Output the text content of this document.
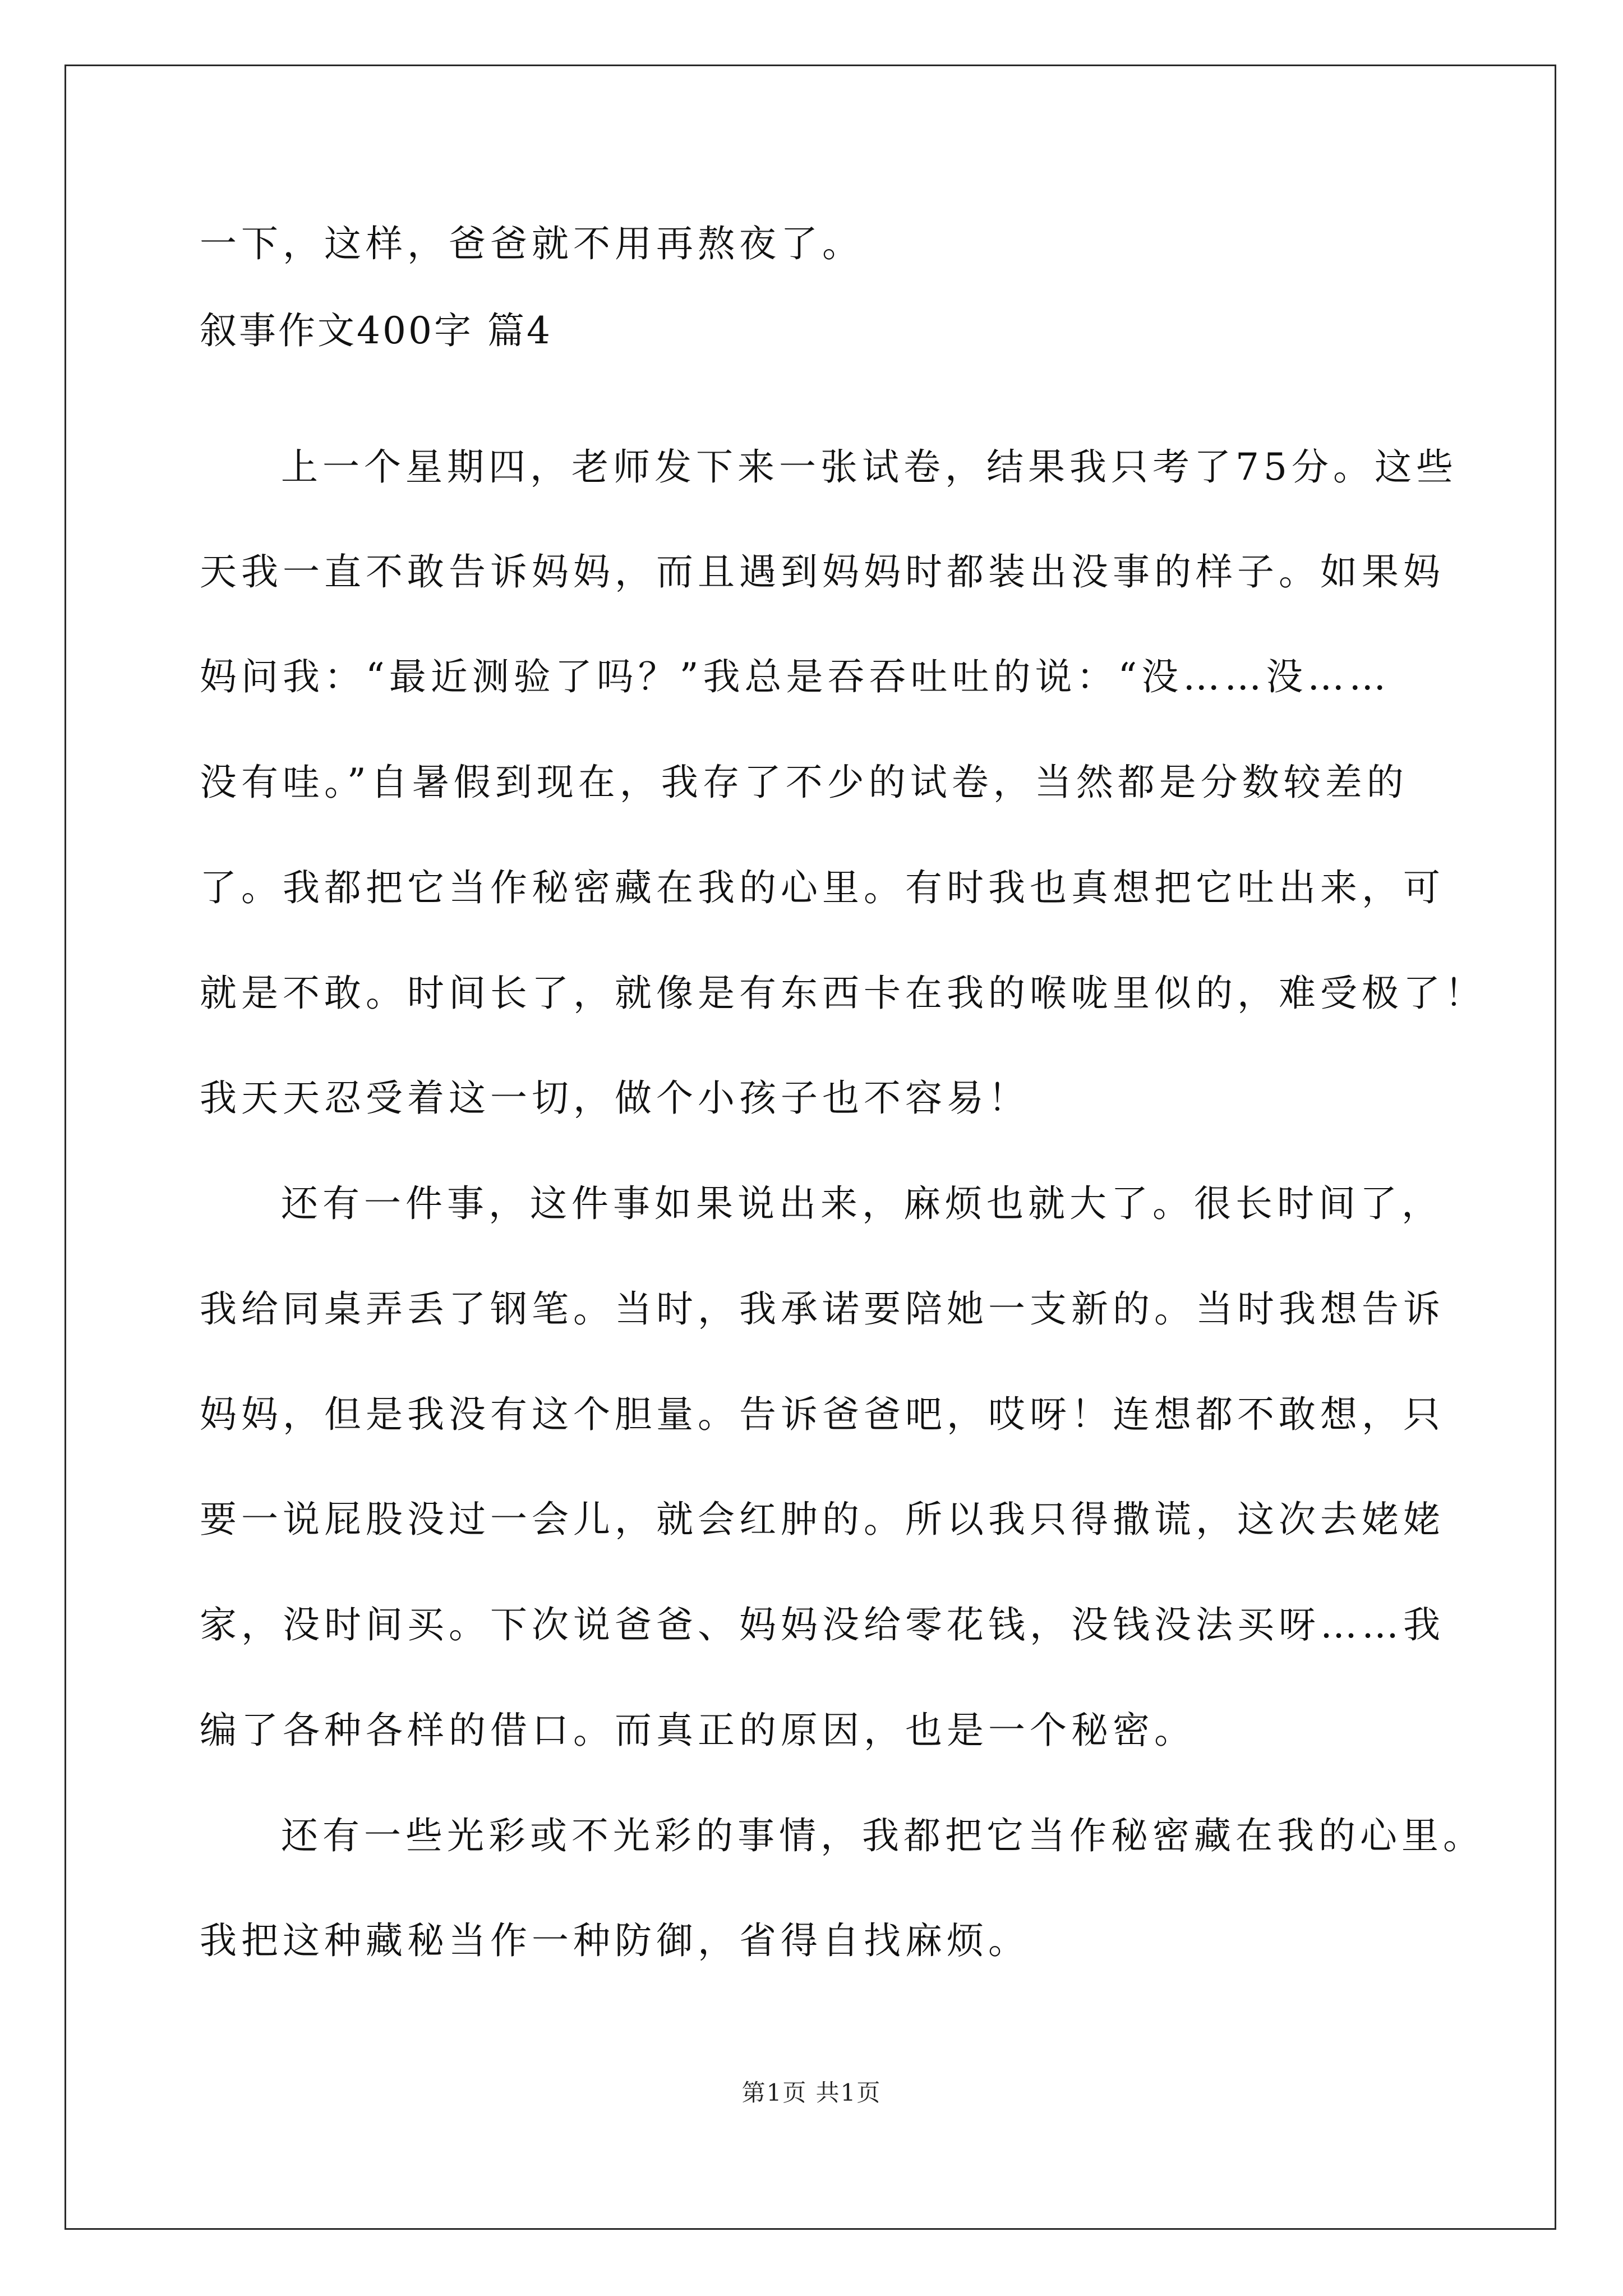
一下，这样，爸爸就不用再熬夜了。
叙事作文400字 篇4
上一个星期四，老师发下来一张试卷，结果我只考了75分。这些
天我一直不敢告诉妈妈，而且遇到妈妈时都装出没事的样子。如果妈
妈问我：“最近测验了吗？”我总是吞吞吐吐的说：“没……没……
没有哇。”自暑假到现在，我存了不少的试卷，当然都是分数较差的
了。我都把它当作秘密藏在我的心里。有时我也真想把它吐出来，可
就是不敢。时间长了，就像是有东西卡在我的喉咙里似的，难受极了！
我天天忍受着这一切，做个小孩子也不容易！
还有一件事，这件事如果说出来，麻烦也就大了。很长时间了，
我给同桌弄丢了钢笔。当时，我承诺要陪她一支新的。当时我想告诉
妈妈，但是我没有这个胆量。告诉爸爸吧，哎呀！连想都不敢想，只
要一说屁股没过一会儿，就会红肿的。所以我只得撒谎，这次去姥姥
家，没时间买。下次说爸爸、妈妈没给零花钱，没钱没法买呀……我
编了各种各样的借口。而真正的原因，也是一个秘密。
还有一些光彩或不光彩的事情，我都把它当作秘密藏在我的心里。
我把这种藏秘当作一种防御，省得自找麻烦。
第1页 共1页
